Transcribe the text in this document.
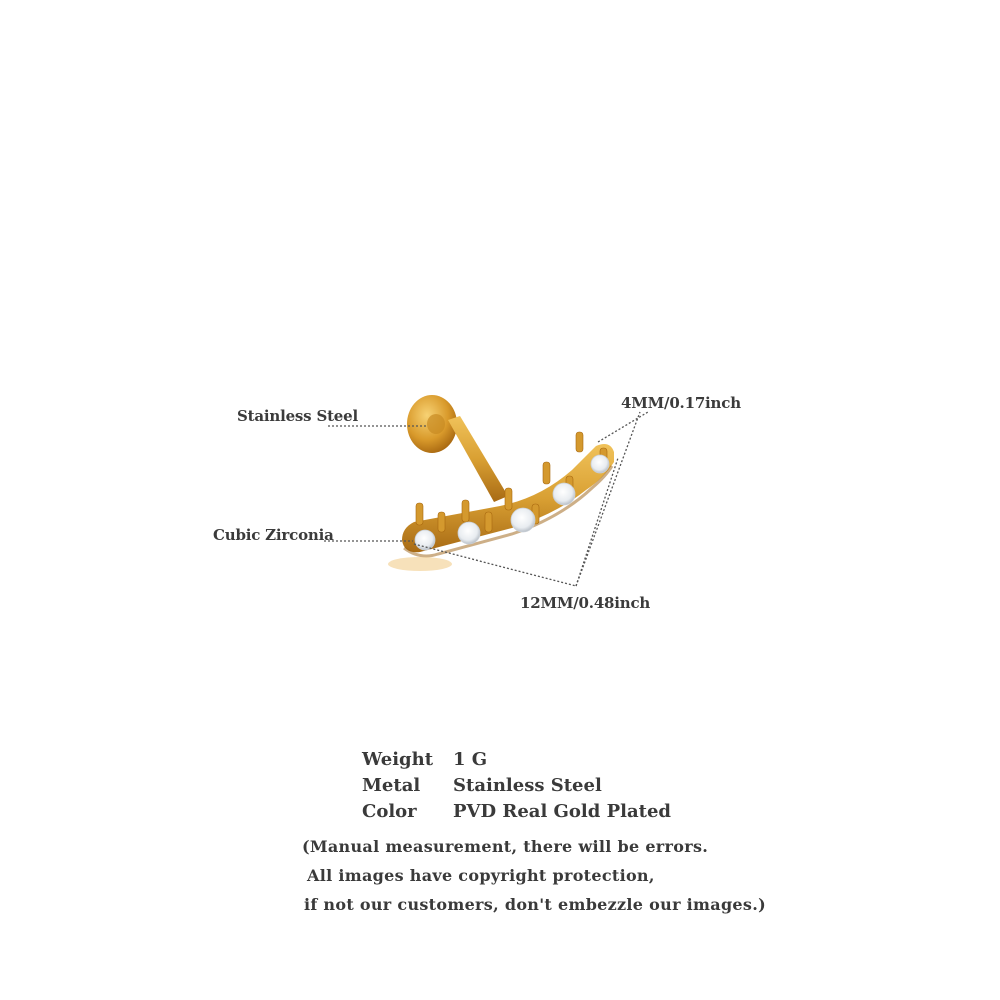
Stainless Steel
Cubic Zirconia
4MM/0.17inch
12MM/0.48inch
Weight 1 G
Metal Stainless Steel
Color PVD Real Gold Plated
(Manual measurement, there will be errors.
All images have copyright protection,
if not our customers, don't embezzle our images.)
